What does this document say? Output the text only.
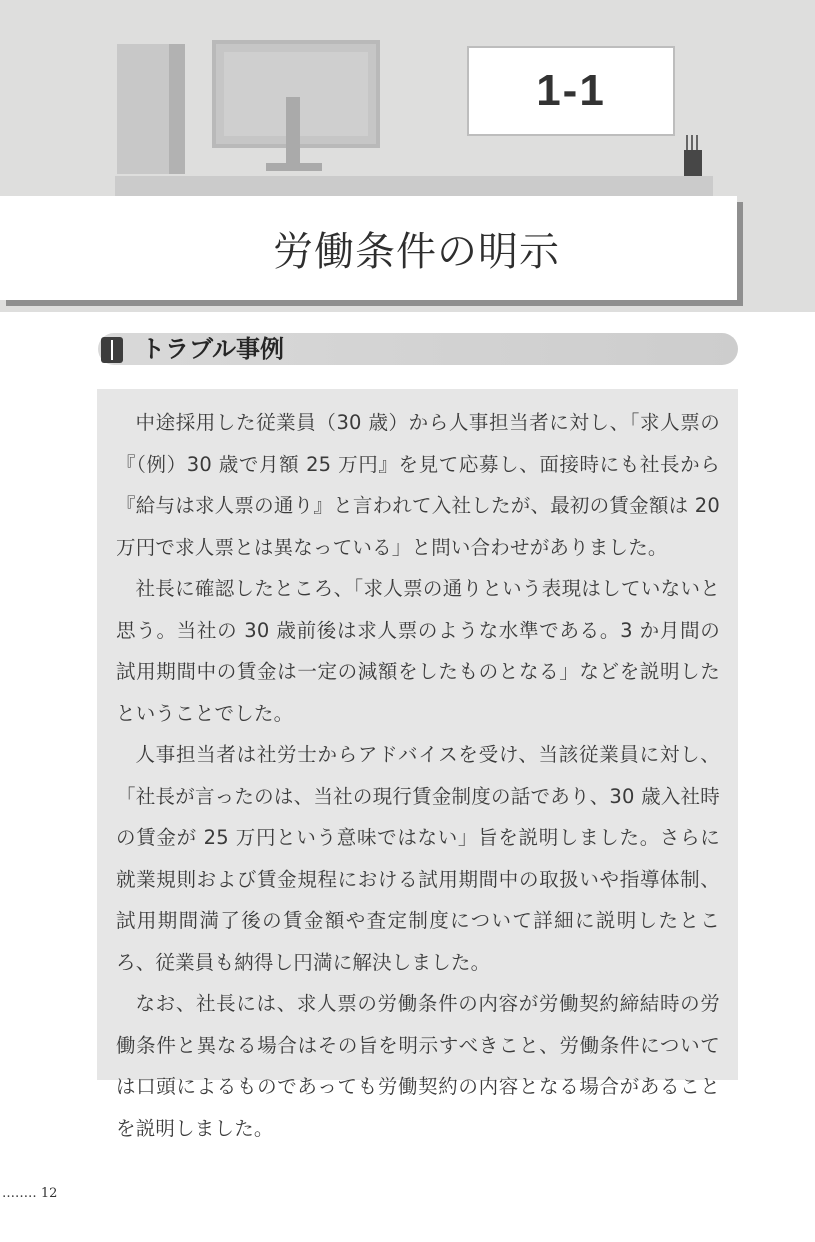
1-1
労働条件の明示
トラブル事例

中途採用した従業員（30 歳）から人事担当者に対し、「求人票の『（例）30 歳で月額 25 万円』を見て応募し、面接時にも社長から『給与は求人票の通り』と言われて入社したが、最初の賃金額は 20 万円で求人票とは異なっている」と問い合わせがありました。

社長に確認したところ、「求人票の通りという表現はしていないと思う。当社の 30 歳前後は求人票のような水準である。3 か月間の試用期間中の賃金は一定の減額をしたものとなる」などを説明したということでした。

人事担当者は社労士からアドバイスを受け、当該従業員に対し、「社長が言ったのは、当社の現行賃金制度の話であり、30 歳入社時の賃金が 25 万円という意味ではない」旨を説明しました。さらに就業規則および賃金規程における試用期間中の取扱いや指導体制、試用期間満了後の賃金額や査定制度について詳細に説明したところ、従業員も納得し円満に解決しました。

なお、社長には、求人票の労働条件の内容が労働契約締結時の労働条件と異なる場合はその旨を明示すべきこと、労働条件については口頭によるものであっても労働契約の内容となる場合があることを説明しました。

‥‥‥‥ 12
